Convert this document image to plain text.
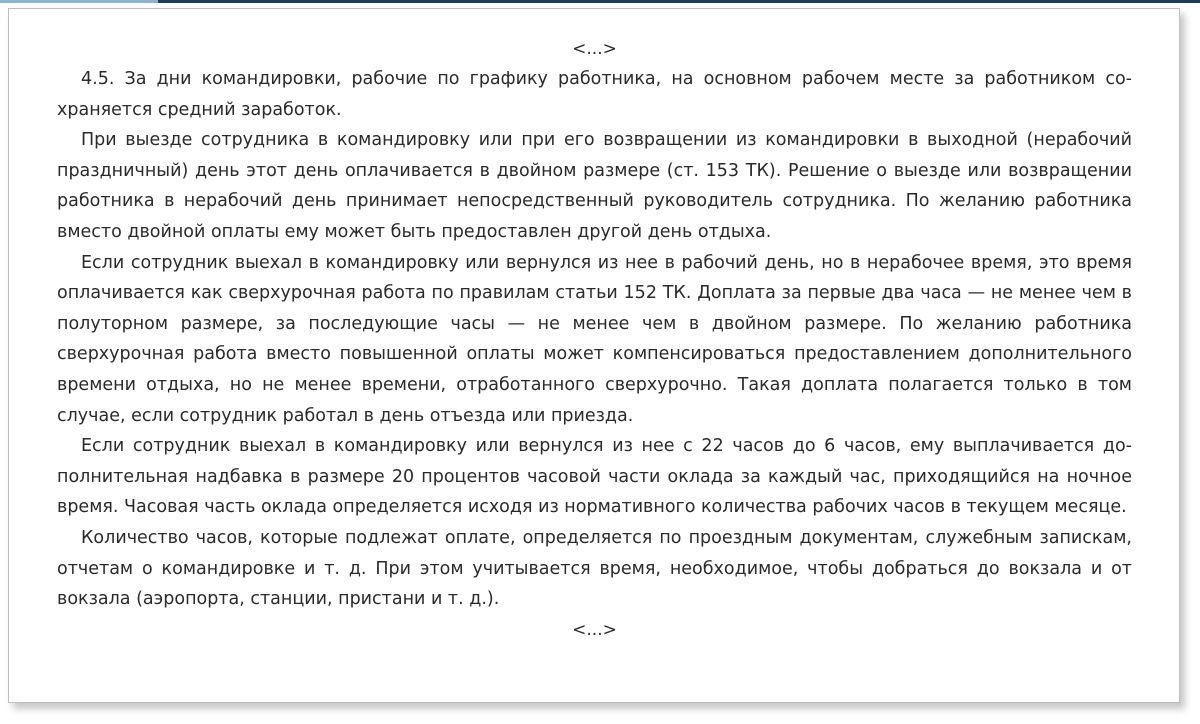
<...>

4.5. За дни командировки, рабочие по графику работника, на основном рабочем месте за работником сохраняется средний заработок.

При выезде сотрудника в командировку или при его возвращении из командировки в выходной (нерабочий праздничный) день этот день оплачивается в двойном размере (ст. 153 ТК). Решение о выезде или возвращении работника в нерабочий день принимает непосредственный руководитель сотрудника. По желанию работника вместо двойной оплаты ему может быть предоставлен другой день отдыха.

Если сотрудник выехал в командировку или вернулся из нее в рабочий день, но в нерабочее время, это время оплачивается как сверхурочная работа по правилам статьи 152 ТК. Доплата за первые два часа — не менее чем в полуторном размере, за последующие часы — не менее чем в двойном размере. По желанию работника сверхурочная работа вместо повышенной оплаты может компенсироваться предоставлением дополнительного времени отдыха, но не менее времени, отработанного сверхурочно. Такая доплата полагается только в том случае, если сотрудник работал в день отъезда или приезда.

Если сотрудник выехал в командировку или вернулся из нее с 22 часов до 6 часов, ему выплачивается дополнительная надбавка в размере 20 процентов часовой части оклада за каждый час, приходящийся на ночное время. Часовая часть оклада определяется исходя из нормативного количества рабочих часов в текущем месяце.

Количество часов, которые подлежат оплате, определяется по проездным документам, служебным запискам, отчетам о командировке и т. д. При этом учитывается время, необходимое, чтобы добраться до вокзала и от вокзала (аэропорта, станции, пристани и т. д.).

<...>
